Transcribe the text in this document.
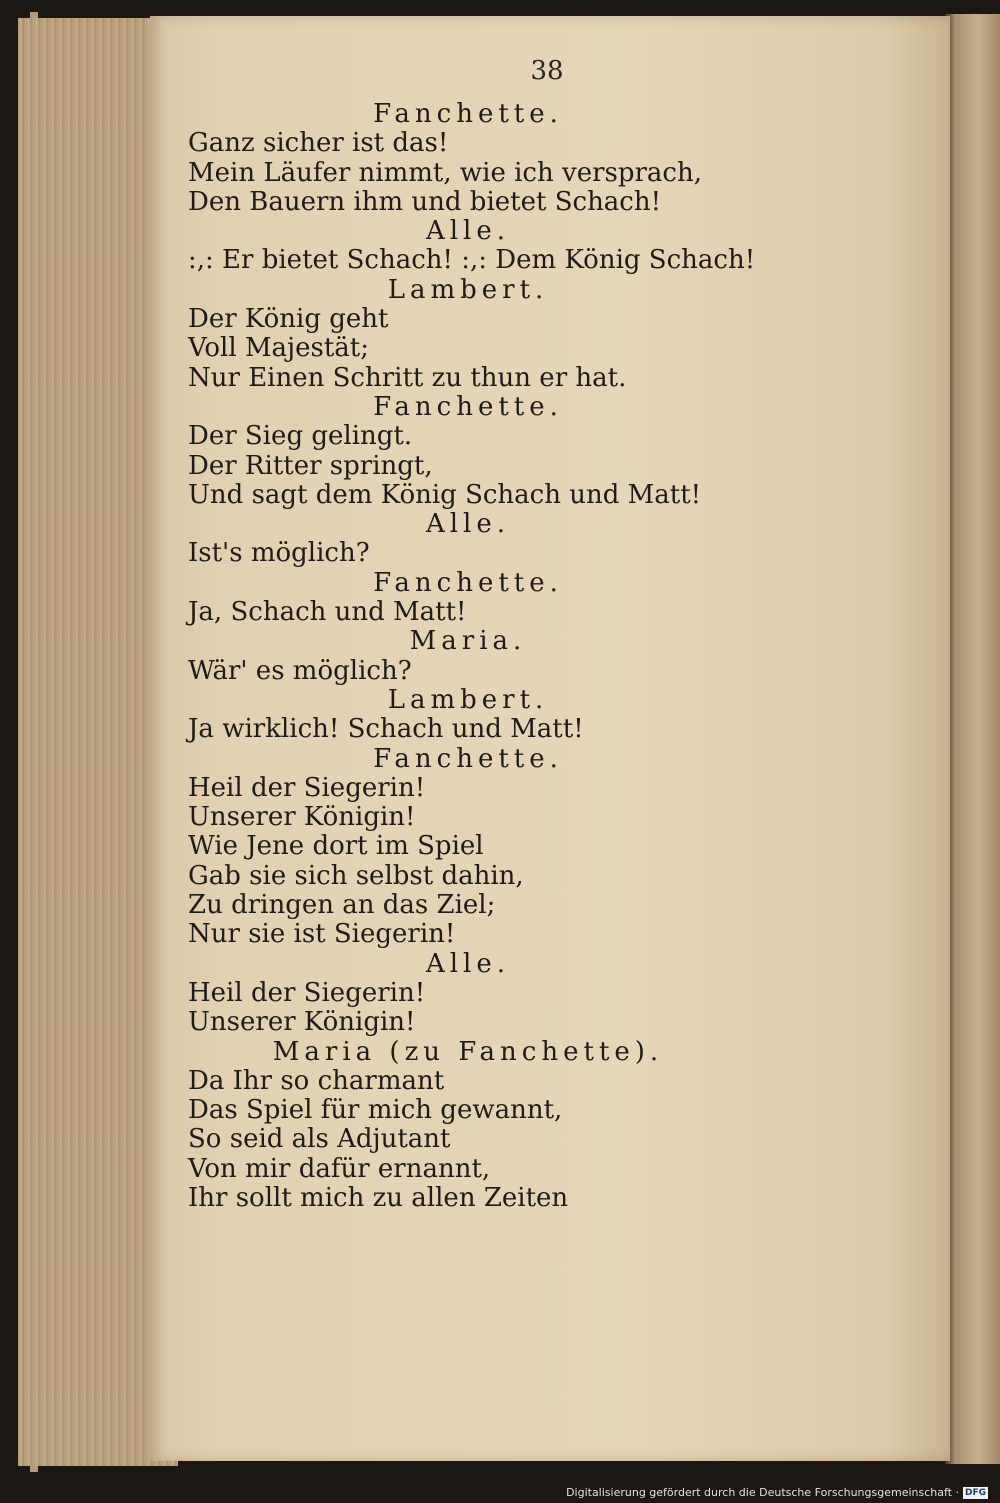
38
Fanchette.
Ganz sicher ist das!
Mein Läufer nimmt, wie ich versprach,
Den Bauern ihm und bietet Schach!
Alle.
:,: Er bietet Schach! :,: Dem König Schach!
Lambert.
Der König geht
Voll Majestät;
Nur Einen Schritt zu thun er hat.
Fanchette.
Der Sieg gelingt.
Der Ritter springt,
Und sagt dem König Schach und Matt!
Alle.
Ist's möglich?
Fanchette.
Ja, Schach und Matt!
Maria.
Wär' es möglich?
Lambert.
Ja wirklich! Schach und Matt!
Fanchette.
Heil der Siegerin!
Unserer Königin!
Wie Jene dort im Spiel
Gab sie sich selbst dahin,
Zu dringen an das Ziel;
Nur sie ist Siegerin!
Alle.
Heil der Siegerin!
Unserer Königin!
Maria (zu Fanchette).
Da Ihr so charmant
Das Spiel für mich gewannt,
So seid als Adjutant
Von mir dafür ernannt,
Ihr sollt mich zu allen Zeiten
Digitalisierung gefördert durch die Deutsche Forschungsgemeinschaft · DFG
